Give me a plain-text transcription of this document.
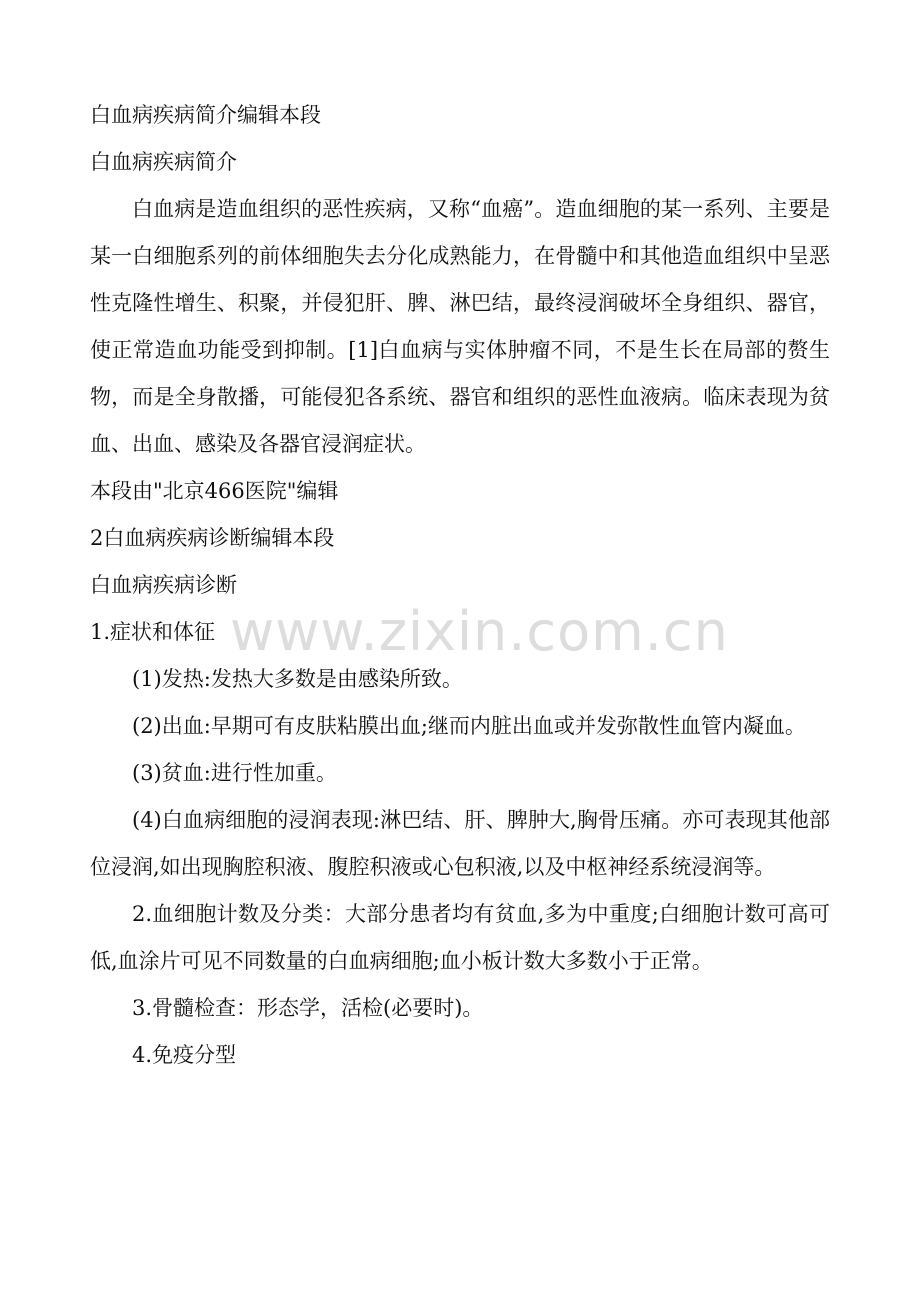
白血病疾病简介编辑本段

白血病疾病简介

白血病是造血组织的恶性疾病，又称“血癌”。造血细胞的某一系列、主要是某一白细胞系列的前体细胞失去分化成熟能力，在骨髓中和其他造血组织中呈恶性克隆性增生、积聚，并侵犯肝、脾、淋巴结，最终浸润破坏全身组织、器官，使正常造血功能受到抑制。[1]白血病与实体肿瘤不同，不是生长在局部的赘生物，而是全身散播，可能侵犯各系统、器官和组织的恶性血液病。临床表现为贫血、出血、感染及各器官浸润症状。

本段由"北京466医院"编辑

2白血病疾病诊断编辑本段

白血病疾病诊断

1.症状和体征

(1)发热:发热大多数是由感染所致。

(2)出血:早期可有皮肤粘膜出血;继而内脏出血或并发弥散性血管内凝血。

(3)贫血:进行性加重。

(4)白血病细胞的浸润表现:淋巴结、肝、脾肿大,胸骨压痛。亦可表现其他部位浸润,如出现胸腔积液、腹腔积液或心包积液,以及中枢神经系统浸润等。

2.血细胞计数及分类：大部分患者均有贫血,多为中重度;白细胞计数可高可低,血涂片可见不同数量的白血病细胞;血小板计数大多数小于正常。

3.骨髓检查：形态学，活检(必要时)。

4.免疫分型

www.zixin.com.cn
